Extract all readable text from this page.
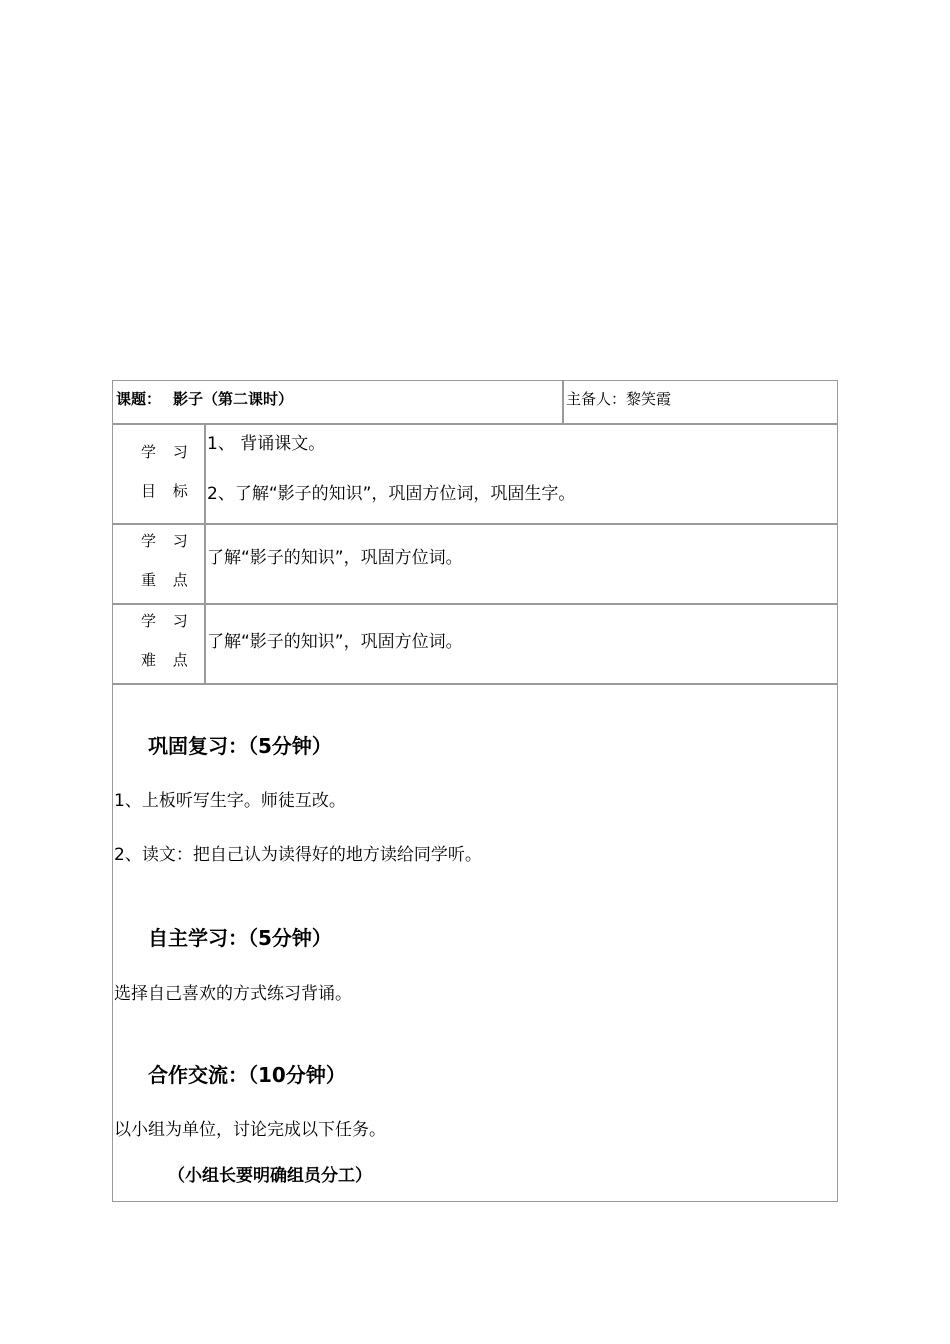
课题： 影子（第二课时）	主备人：黎笑霞
学 习
目 标
1、 背诵课文。
2、了解“影子的知识”，巩固方位词，巩固生字。
学 习
重 点
了解“影子的知识”，巩固方位词。
学 习
难 点
了解“影子的知识”，巩固方位词。
巩固复习：（5分钟）
1、上板听写生字。师徒互改。
2、读文：把自己认为读得好的地方读给同学听。
自主学习：（5分钟）
选择自己喜欢的方式练习背诵。
合作交流：（10分钟）
以小组为单位，讨论完成以下任务。
（小组长要明确组员分工）
